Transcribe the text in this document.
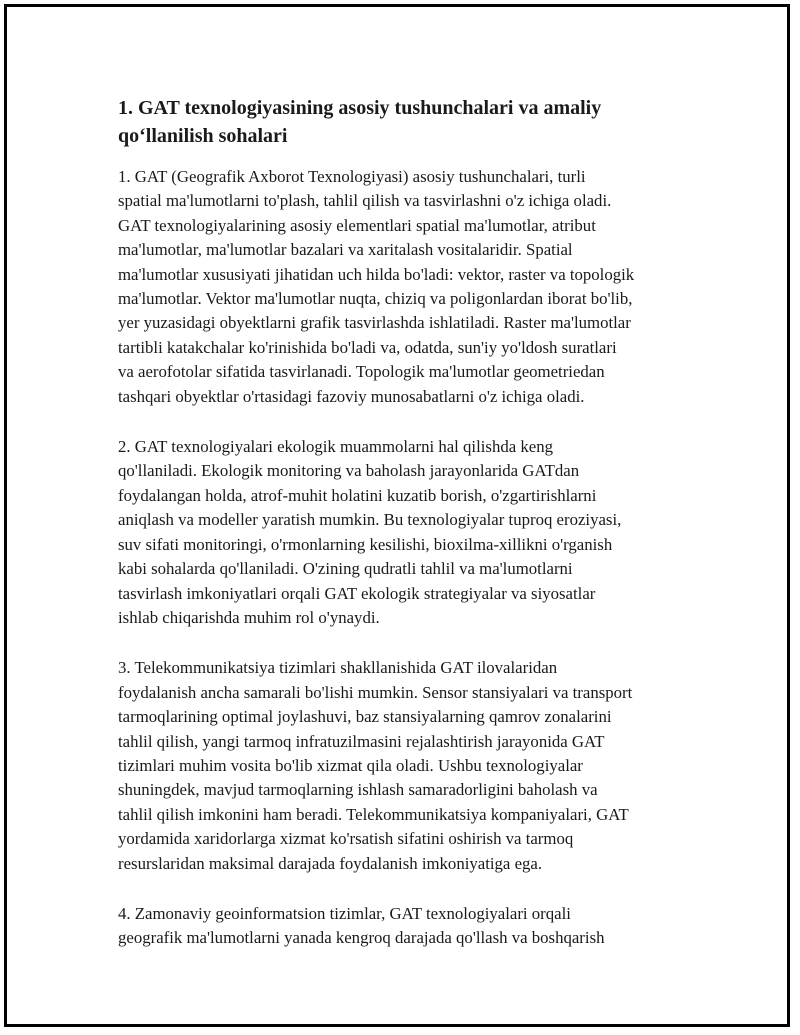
1. GAT texnologiyasining asosiy tushunchalari va amaliy
qo‘llanilish sohalari

1. GAT (Geografik Axborot Texnologiyasi) asosiy tushunchalari, turli
spatial ma'lumotlarni to'plash, tahlil qilish va tasvirlashni o'z ichiga oladi.
GAT texnologiyalarining asosiy elementlari spatial ma'lumotlar, atribut
ma'lumotlar, ma'lumotlar bazalari va xaritalash vositalaridir. Spatial
ma'lumotlar xususiyati jihatidan uch hilda bo'ladi: vektor, raster va topologik
ma'lumotlar. Vektor ma'lumotlar nuqta, chiziq va poligonlardan iborat bo'lib,
yer yuzasidagi obyektlarni grafik tasvirlashda ishlatiladi. Raster ma'lumotlar
tartibli katakchalar ko'rinishida bo'ladi va, odatda, sun'iy yo'ldosh suratlari
va aerofotolar sifatida tasvirlanadi. Topologik ma'lumotlar geometriedan
tashqari obyektlar o'rtasidagi fazoviy munosabatlarni o'z ichiga oladi.

2. GAT texnologiyalari ekologik muammolarni hal qilishda keng
qo'llaniladi. Ekologik monitoring va baholash jarayonlarida GATdan
foydalangan holda, atrof-muhit holatini kuzatib borish, o'zgartirishlarni
aniqlash va modeller yaratish mumkin. Bu texnologiyalar tuproq eroziyasi,
suv sifati monitoringi, o'rmonlarning kesilishi, bioxilma-xillikni o'rganish
kabi sohalarda qo'llaniladi. O'zining qudratli tahlil va ma'lumotlarni
tasvirlash imkoniyatlari orqali GAT ekologik strategiyalar va siyosatlar
ishlab chiqarishda muhim rol o'ynaydi.

3. Telekommunikatsiya tizimlari shakllanishida GAT ilovalaridan
foydalanish ancha samarali bo'lishi mumkin. Sensor stansiyalari va transport
tarmoqlarining optimal joylashuvi, baz stansiyalarning qamrov zonalarini
tahlil qilish, yangi tarmoq infratuzilmasini rejalashtirish jarayonida GAT
tizimlari muhim vosita bo'lib xizmat qila oladi. Ushbu texnologiyalar
shuningdek, mavjud tarmoqlarning ishlash samaradorligini baholash va
tahlil qilish imkonini ham beradi. Telekommunikatsiya kompaniyalari, GAT
yordamida xaridorlarga xizmat ko'rsatish sifatini oshirish va tarmoq
resurslaridan maksimal darajada foydalanish imkoniyatiga ega.

4. Zamonaviy geoinformatsion tizimlar, GAT texnologiyalari orqali
geografik ma'lumotlarni yanada kengroq darajada qo'llash va boshqarish
